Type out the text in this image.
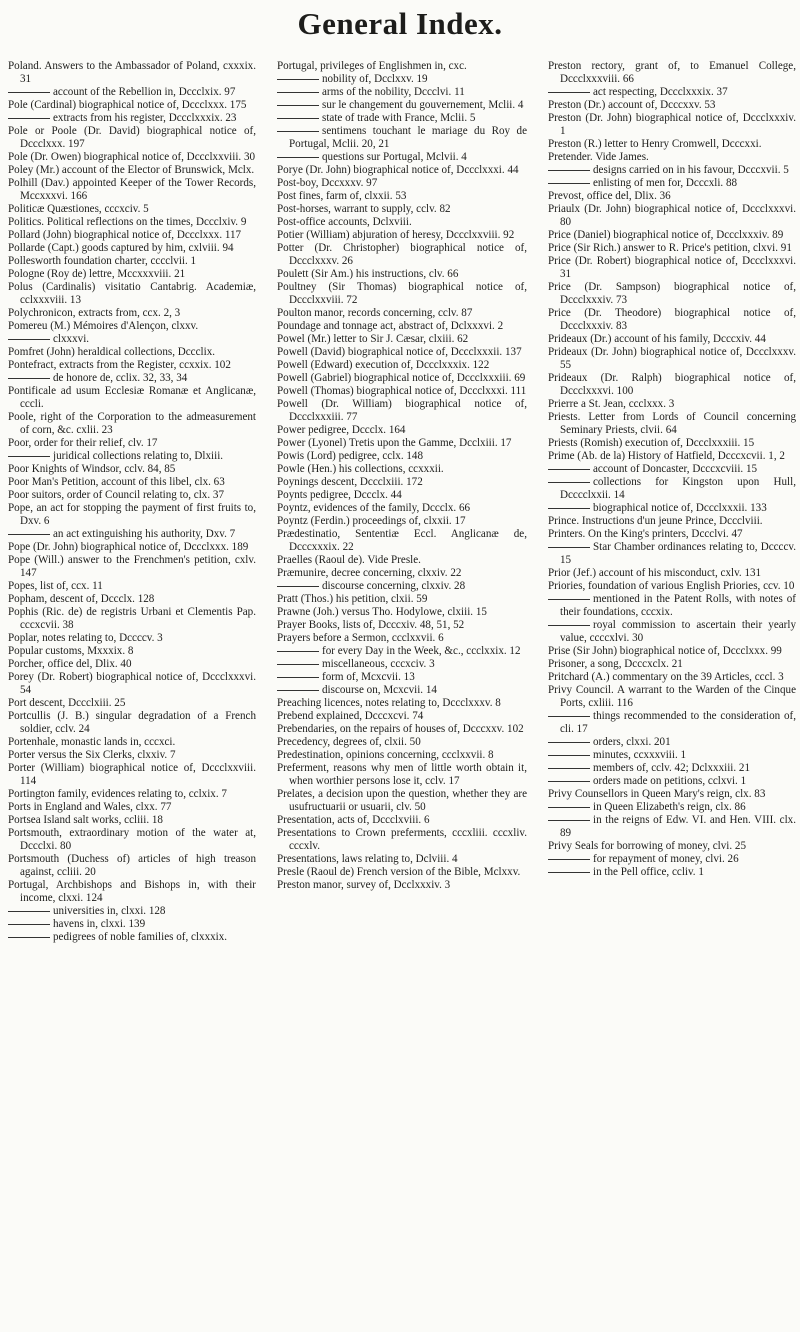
General Index.
Poland. Answers to the Ambassador of Poland, cxxxix. 31
account of the Rebellion in, Dccclxix. 97
Pole (Cardinal) biographical notice of, Dccclxxx. 175
extracts from his register, Dccclxxxix. 23
Pole or Poole (Dr. David) biographical notice of, Dccclxxx. 197
Pole (Dr. Owen) biographical notice of, Dccclxxviii. 30
Poley (Mr.) account of the Elector of Brunswick, Mclx.
Polhill (Dav.) appointed Keeper of the Tower Records, Mccxxxvi. 166
Politicæ Quæstiones, cccxciv. 5
Politics. Political reflections on the times, Dccclxiv. 9
Pollard (John) biographical notice of, Dccclxxx. 117
Pollarde (Capt.) goods captured by him, cxlviii. 94
Pollesworth foundation charter, cccclvii. 1
Pologne (Roy de) lettre, Mccxxxviii. 21
Polus (Cardinalis) visitatio Cantabrig. Academiæ, cclxxxviii. 13
Polychronicon, extracts from, ccx. 2, 3
Pomereu (M.) Mémoires d'Alençon, clxxv.
clxxxvi.
Pomfret (John) heraldical collections, Dccclix.
Pontefract, extracts from the Register, ccxxix. 102
de honore de, cclix. 32, 33, 34
Pontificale ad usum Ecclesiæ Romanæ et Anglicanæ, cccli.
Poole, right of the Corporation to the admeasurement of corn, &c. cxlii. 23
Poor, order for their relief, clv. 17
juridical collections relating to, Dlxiii.
Poor Knights of Windsor, cclv. 84, 85
Poor Man's Petition, account of this libel, clx. 63
Poor suitors, order of Council relating to, clx. 37
Pope, an act for stopping the payment of first fruits to, Dxv. 6
an act extinguishing his authority, Dxv. 7
Pope (Dr. John) biographical notice of, Dccclxxx. 189
Pope (Will.) answer to the Frenchmen's petition, cxlv. 147
Popes, list of, ccx. 11
Popham, descent of, Dccclx. 128
Pophis (Ric. de) de registris Urbani et Clementis Pap. cccxcvii. 38
Poplar, notes relating to, Dccccv. 3
Popular customs, Mxxxix. 8
Porcher, office del, Dlix. 40
Porey (Dr. Robert) biographical notice of, Dccclxxxvi. 54
Port descent, Dccclxiii. 25
Portcullis (J. B.) singular degradation of a French soldier, cclv. 24
Portenhale, monastic lands in, cccxci.
Porter versus the Six Clerks, clxxiv. 7
Porter (William) biographical notice of, Dccclxxviii. 114
Portington family, evidences relating to, cclxix. 7
Ports in England and Wales, clxx. 77
Portsea Island salt works, ccliii. 18
Portsmouth, extraordinary motion of the water at, Dccclxi. 80
Portsmouth (Duchess of) articles of high treason against, ccliii. 20
Portugal, Archbishops and Bishops in, with their income, clxxi. 124
universities in, clxxi. 128
havens in, clxxi. 139
pedigrees of noble families of, clxxxix.
Portugal, privileges of Englishmen in, cxc.
nobility of, Dcclxxv. 19
arms of the nobility, Dccclvi. 11
sur le changement du gouvernement, Mclii. 4
state of trade with France, Mclii. 5
sentimens touchant le mariage du Roy de Portugal, Mclii. 20, 21
questions sur Portugal, Mclvii. 4
Porye (Dr. John) biographical notice of, Dccclxxxi. 44
Post-boy, Dccxxxv. 97
Post fines, farm of, clxxii. 53
Post-horses, warrant to supply, cclv. 82
Post-office accounts, Dclxviii.
Potier (William) abjuration of heresy, Dccclxxviii. 92
Potter (Dr. Christopher) biographical notice of, Dccclxxxv. 26
Poulett (Sir Am.) his instructions, clv. 66
Poultney (Sir Thomas) biographical notice of, Dccclxxviii. 72
Poulton manor, records concerning, cclv. 87
Poundage and tonnage act, abstract of, Dclxxxvi. 2
Powel (Mr.) letter to Sir J. Cæsar, clxiii. 62
Powell (David) biographical notice of, Dccclxxxii. 137
Powell (Edward) execution of, Dccclxxxix. 122
Powell (Gabriel) biographical notice of, Dccclxxxiii. 69
Powell (Thomas) biographical notice of, Dccclxxxi. 111
Powell (Dr. William) biographical notice of, Dccclxxxiii. 77
Power pedigree, Dccclx. 164
Power (Lyonel) Tretis upon the Gamme, Dcclxiii. 17
Powis (Lord) pedigree, cclx. 148
Powle (Hen.) his collections, ccxxxii.
Poynings descent, Dccclxiii. 172
Poynts pedigree, Dccclx. 44
Poyntz, evidences of the family, Dccclx. 66
Poyntz (Ferdin.) proceedings of, clxxii. 17
Prædestinatio, Sententiæ Eccl. Anglicanæ de, Dcccxxxix. 22
Praelles (Raoul de). Vide Presle.
Præmunire, decree concerning, clxxiv. 22
discourse concerning, clxxiv. 28
Pratt (Thos.) his petition, clxii. 59
Prawne (Joh.) versus Tho. Hodylowe, clxiii. 15
Prayer Books, lists of, Dcccxiv. 48, 51, 52
Prayers before a Sermon, ccclxxvii. 6
for every Day in the Week, &c., ccclxxix. 12
miscellaneous, cccxciv. 3
form of, Mcxcvii. 13
discourse on, Mcxcvii. 14
Preaching licences, notes relating to, Dccclxxxv. 8
Prebend explained, Dcccxcvi. 74
Prebendaries, on the repairs of houses of, Dcccxxv. 102
Precedency, degrees of, clxii. 50
Predestination, opinions concerning, ccclxxvii. 8
Preferment, reasons why men of little worth obtain it, when worthier persons lose it, cclv. 17
Prelates, a decision upon the question, whether they are usufructuarii or usuarii, clv. 50
Presentation, acts of, Dccclxviii. 6
Presentations to Crown preferments, cccxliii. cccxliv. cccxlv.
Presentations, laws relating to, Dclviii. 4
Presle (Raoul de) French version of the Bible, Mclxxv.
Preston manor, survey of, Dcclxxxiv. 3
Preston rectory, grant of, to Emanuel College, Dccclxxxviii. 66
act respecting, Dccclxxxix. 37
Preston (Dr.) account of, Dcccxxv. 53
Preston (Dr. John) biographical notice of, Dccclxxxiv. 1
Preston (R.) letter to Henry Cromwell, Dcccxxi.
Pretender. Vide James.
designs carried on in his favour, Dcccxvii. 5
enlisting of men for, Dcccxli. 88
Prevost, office del, Dlix. 36
Priaulx (Dr. John) biographical notice of, Dccclxxxvi. 80
Price (Daniel) biographical notice of, Dccclxxxiv. 89
Price (Sir Rich.) answer to R. Price's petition, clxvi. 91
Price (Dr. Robert) biographical notice of, Dccclxxxvi. 31
Price (Dr. Sampson) biographical notice of, Dccclxxxiv. 73
Price (Dr. Theodore) biographical notice of, Dccclxxxiv. 83
Prideaux (Dr.) account of his family, Dcccxiv. 44
Prideaux (Dr. John) biographical notice of, Dccclxxxv. 55
Prideaux (Dr. Ralph) biographical notice of, Dccclxxxvi. 100
Prierre a St. Jean, ccclxxx. 3
Priests. Letter from Lords of Council concerning Seminary Priests, clvii. 64
Priests (Romish) execution of, Dccclxxxiii. 15
Prime (Ab. de la) History of Hatfield, Dcccxcvii. 1, 2
account of Doncaster, Dcccxcviii. 15
collections for Kingston upon Hull, Dcccclxxii. 14
biographical notice of, Dccclxxxii. 133
Prince. Instructions d'un jeune Prince, Dccclviii.
Printers. On the King's printers, Dccclvi. 47
Star Chamber ordinances relating to, Dccccv. 15
Prior (Jef.) account of his misconduct, cxlv. 131
Priories, foundation of various English Priories, ccv. 10
mentioned in the Patent Rolls, with notes of their foundations, cccxix.
royal commission to ascertain their yearly value, ccccxlvi. 30
Prise (Sir John) biographical notice of, Dccclxxx. 99
Prisoner, a song, Dcccxclx. 21
Pritchard (A.) commentary on the 39 Articles, cccl. 3
Privy Council. A warrant to the Warden of the Cinque Ports, cxliii. 116
things recommended to the consideration of, cli. 17
orders, clxxi. 201
minutes, ccxxxviii. 1
members of, cclv. 42; Dclxxxiii. 21
orders made on petitions, cclxvi. 1
Privy Counsellors in Queen Mary's reign, clx. 83
in Queen Elizabeth's reign, clx. 86
in the reigns of Edw. VI. and Hen. VIII. clx. 89
Privy Seals for borrowing of money, clvi. 25
for repayment of money, clvi. 26
in the Pell office, ccliv. 1
